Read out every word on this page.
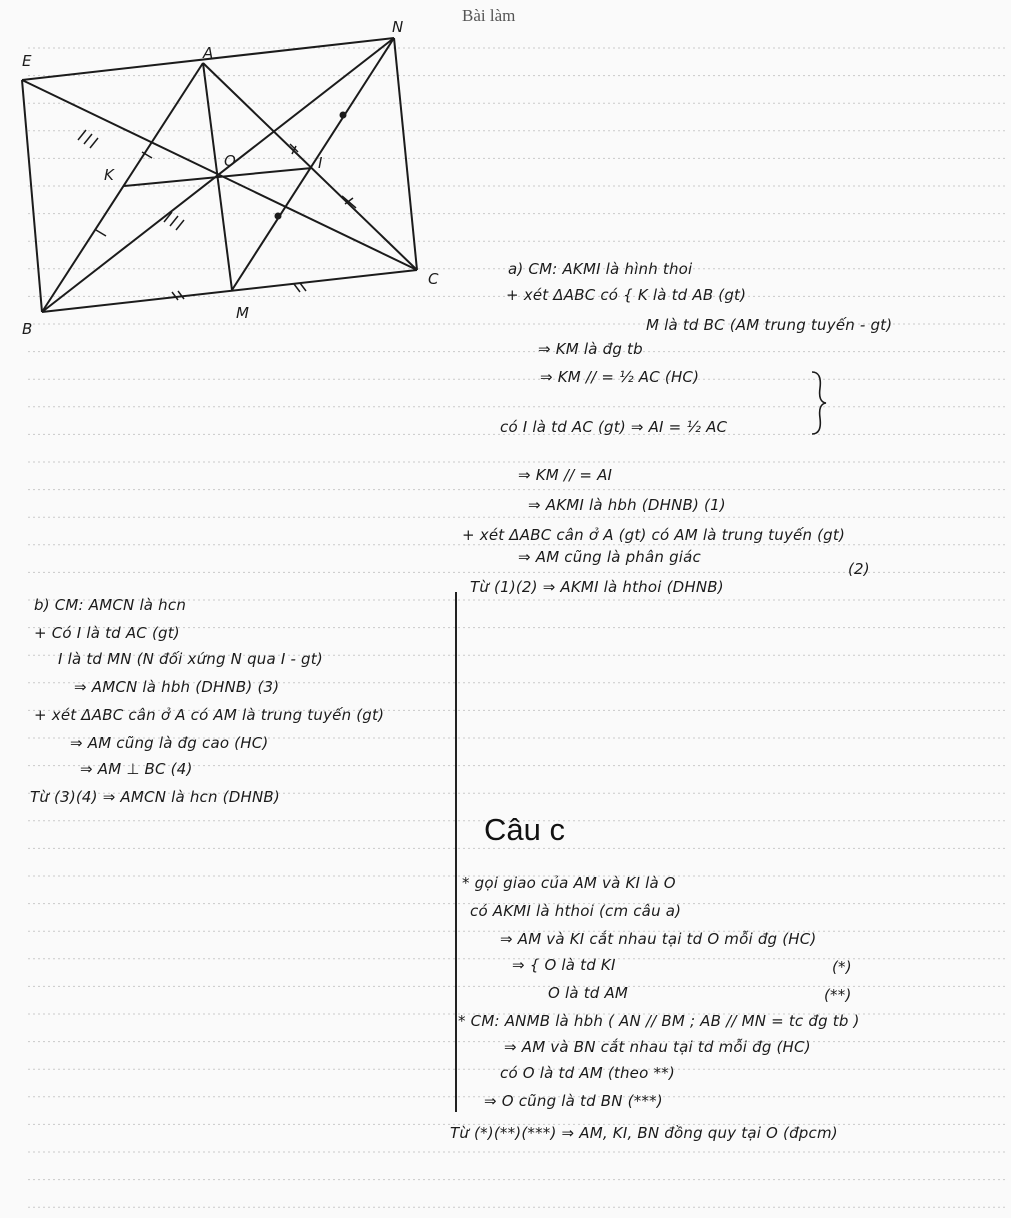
Bài làm
E	A
N
K
O	I
C
B
M
a) CM: AKMI là hình thoi
+ xét ΔABC có { K là td AB (gt)
M là td BC (AM trung tuyến - gt)
⇒ KM là đg tb
⇒ KM // = ½ AC (HC)
có I là td AC (gt) ⇒ AI = ½ AC
⇒ KM // = AI
⇒ AKMI là hbh (DHNB) (1)
+ xét ΔABC cân ở A (gt) có AM là trung tuyến (gt)
⇒ AM cũng là phân giác
(2)
Từ (1)(2) ⇒ AKMI là hthoi (DHNB)
b) CM: AMCN là hcn
+ Có I là td AC (gt)
I là td MN (N đối xứng N qua I - gt)
⇒ AMCN là hbh (DHNB) (3)
+ xét ΔABC cân ở A có AM là trung tuyến (gt)
⇒ AM cũng là đg cao (HC)
⇒ AM ⊥ BC (4)
Từ (3)(4) ⇒ AMCN là hcn (DHNB)
Câu c
* gọi giao của AM và KI là O
có AKMI là hthoi (cm câu a)
⇒ AM và KI cắt nhau tại td O mỗi đg (HC)
⇒ { O là td KI	(*)
O là td AM	(**)
* CM: ANMB là hbh ( AN // BM ; AB // MN = tc đg tb )
⇒ AM và BN cắt nhau tại td mỗi đg (HC)
có O là td AM (theo **)
⇒ O cũng là td BN (***)
Từ (*)(**)(***) ⇒ AM, KI, BN đồng quy tại O (đpcm)
